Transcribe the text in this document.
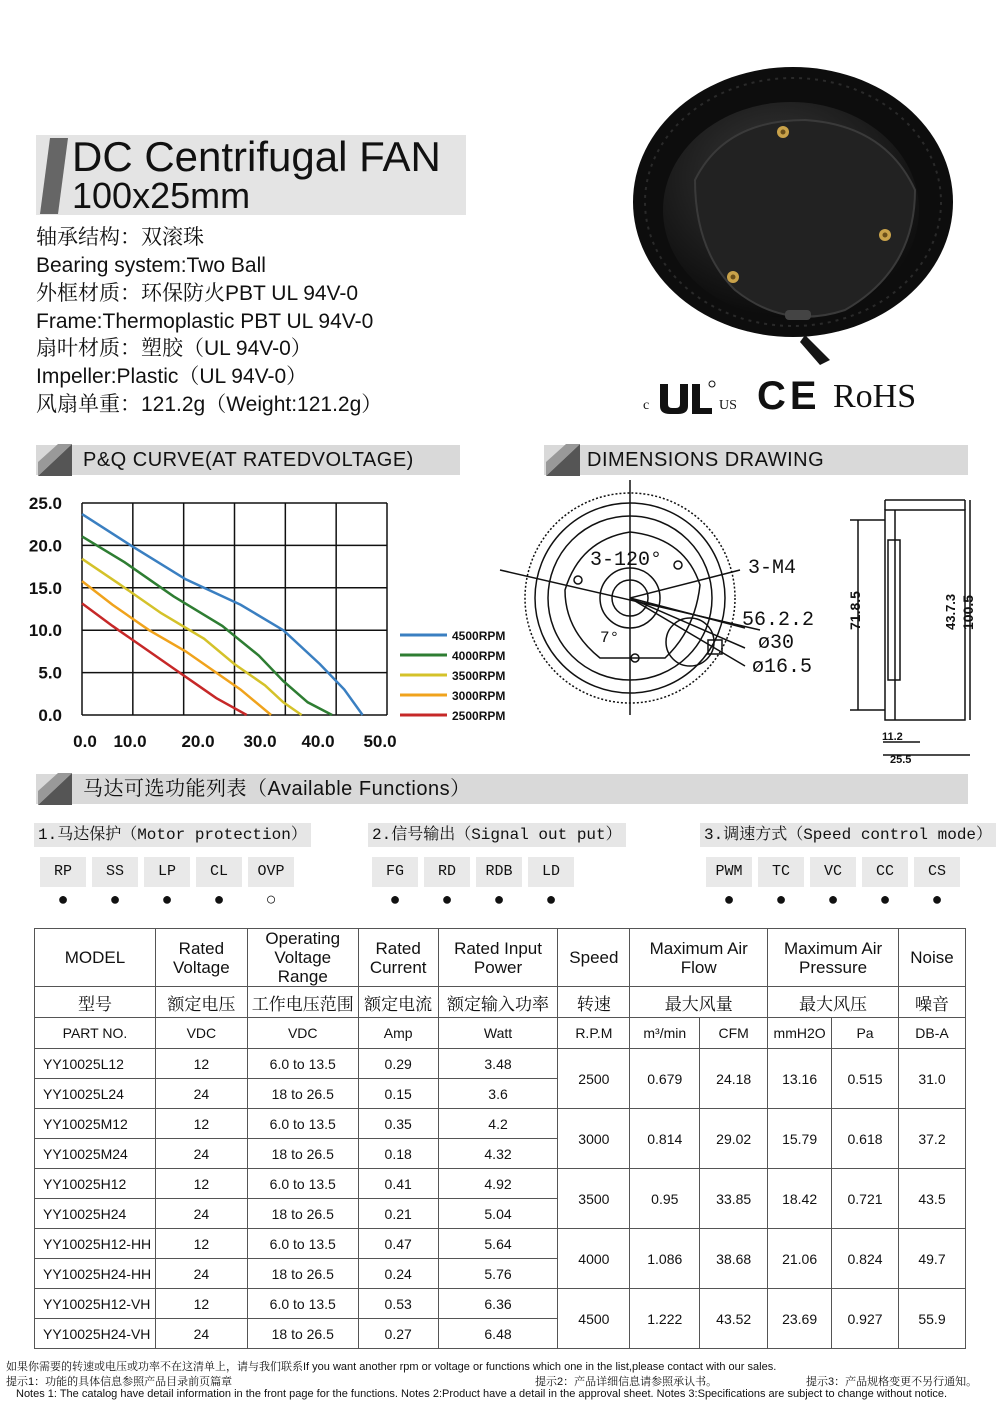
DC Centrifugal FAN
100x25mm
轴承结构：双滚珠
Bearing system:Two Ball
外框材质：环保防火PBT UL 94V-0
Frame:Thermoplastic PBT UL 94V-0
扇叶材质：塑胶（UL 94V-0）
Impeller:Plastic（UL 94V-0）
风扇单重：121.2g（Weight:121.2g）	c	US CE RoHS
P&Q CURVE(AT RATEDVOLTAGE)	DIMENSIONS DRAWING
25.0
20.0
15.0
10.0
5.0
0.0
0.0 10.0 20.0 30.0 40.0 50.0
4500RPM
4000RPM
3500RPM
3000RPM
2500RPM
3-120°	3-M4
56.2.2
ø30
ø16.5
7°
71.8.5	43.7.3 100.5
11.2
25.5
马达可选功能列表（Available Functions）
1.马达保护（Motor protection）	2.信号输出（Signal out put）	3.调速方式（Speed control mode）
RP	SS	LP	CL	OVP
●	●	●	●	○
FG	RD	RDB	LD
●	●	●	●
PWM	TC	VC	CC	CS
●	●	●	●	●
MODEL	Rated Voltage	Operating Voltage Range	Rated Current	Rated Input Power	Speed	Maximum Air Flow		Maximum Air Pressure		Noise
型号	额定电压	工作电压范围	额定电流	额定输入功率	转速	最大风量		最大风压		噪音
PART NO.	VDC	VDC	Amp	Watt	R.P.M	m³/min	CFM	mmH2O	Pa	DB-A
YY10025L12	12	6.0 to 13.5	0.29	3.48	2500	0.679	24.18	13.16	0.515	31.0
YY10025L24	24	18 to 26.5	0.15	3.6						
YY10025M12	12	6.0 to 13.5	0.35	4.2	3000	0.814	29.02	15.79	0.618	37.2
YY10025M24	24	18 to 26.5	0.18	4.32						
YY10025H12	12	6.0 to 13.5	0.41	4.92	3500	0.95	33.85	18.42	0.721	43.5
YY10025H24	24	18 to 26.5	0.21	5.04						
YY10025H12-HH	12	6.0 to 13.5	0.47	5.64	4000	1.086	38.68	21.06	0.824	49.7
YY10025H24-HH	24	18 to 26.5	0.24	5.76						
YY10025H12-VH	12	6.0 to 13.5	0.53	6.36	4500	1.222	43.52	23.69	0.927	55.9
YY10025H24-VH	24	18 to 26.5	0.27	6.48						
如果你需要的转速或电压或功率不在这清单上，请与我们联系If you want another rpm or voltage or functions which one in the list,please contact with our sales.
提示1：功能的具体信息参照产品目录前页篇章	提示2：产品详细信息请参照承认书。	提示3：产品规格变更不另行通知。
Notes 1: The catalog have detail information in the front page for the functions. Notes 2:Product have a detail in the approval sheet. Notes 3:Specifications are subject to change without notice.
